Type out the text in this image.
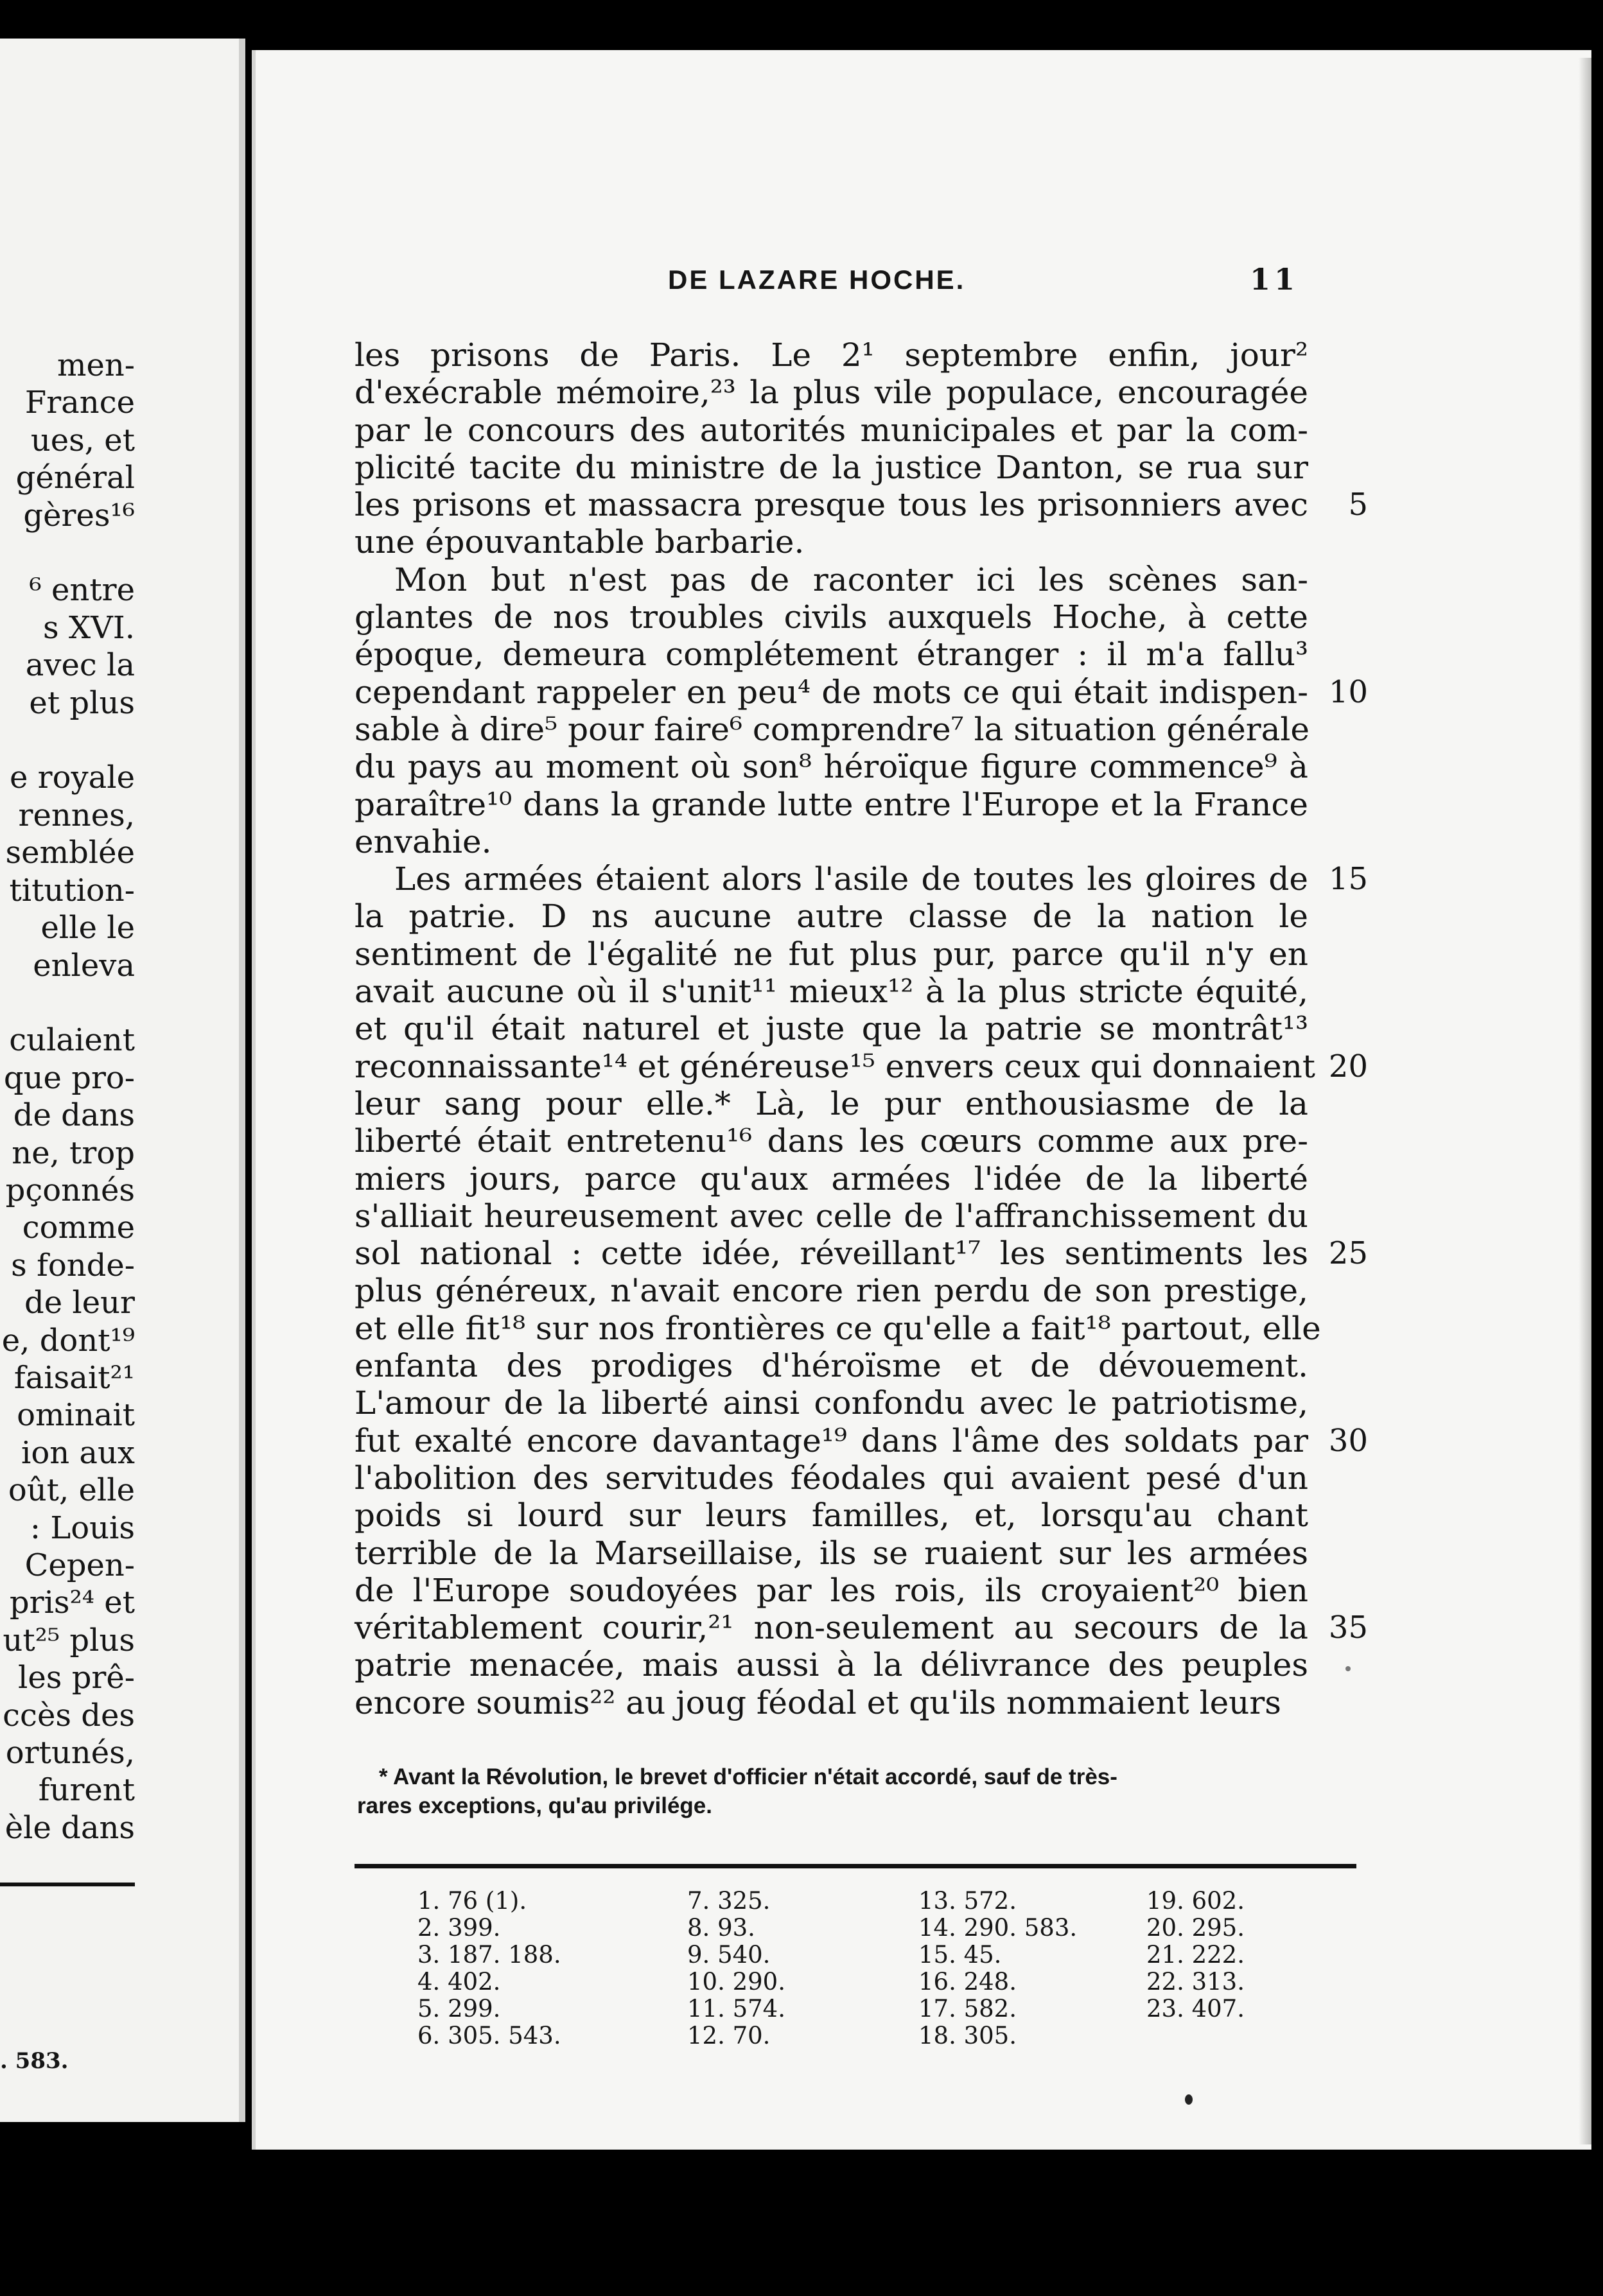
men-
France
ues, et
général
gères¹⁶

⁶ entre
s XVI.
avec la
et plus

e royale
rennes,
semblée
titution-
elle le
enleva

culaient
que pro-
de dans
ne, trop
pçonnés
comme
s fonde-
de leur
e, dont¹⁹
faisait²¹
ominait
ion aux
oût, elle
: Louis
Cepen-
pris²⁴ et
ut²⁵ plus
les prê-
ccès des
ortunés,
furent
èle dans
. 583.
DE LAZARE HOCHE.	11
les prisons de Paris. Le 2¹ septembre enfin, jour²
d'exécrable mémoire,²³ la plus vile populace, encouragée
par le concours des autorités municipales et par la com-
plicité tacite du ministre de la justice Danton, se rua sur
les prisons et massacra presque tous les prisonniers avec
une épouvantable barbarie.
Mon but n'est pas de raconter ici les scènes san-
glantes de nos troubles civils auxquels Hoche, à cette
époque, demeura complétement étranger : il m'a fallu³
cependant rappeler en peu⁴ de mots ce qui était indispen-
sable à dire⁵ pour faire⁶ comprendre⁷ la situation générale
du pays au moment où son⁸ héroïque figure commence⁹ à
paraître¹⁰ dans la grande lutte entre l'Europe et la France
envahie.
Les armées étaient alors l'asile de toutes les gloires de
la patrie. D ns aucune autre classe de la nation le
sentiment de l'égalité ne fut plus pur, parce qu'il n'y en
avait aucune où il s'unit¹¹ mieux¹² à la plus stricte équité,
et qu'il était naturel et juste que la patrie se montrât¹³
reconnaissante¹⁴ et généreuse¹⁵ envers ceux qui donnaient
leur sang pour elle.* Là, le pur enthousiasme de la
liberté était entretenu¹⁶ dans les cœurs comme aux pre-
miers jours, parce qu'aux armées l'idée de la liberté
s'alliait heureusement avec celle de l'affranchissement du
sol national : cette idée, réveillant¹⁷ les sentiments les
plus généreux, n'avait encore rien perdu de son prestige,
et elle fit¹⁸ sur nos frontières ce qu'elle a fait¹⁸ partout, elle
enfanta des prodiges d'héroïsme et de dévouement.
L'amour de la liberté ainsi confondu avec le patriotisme,
fut exalté encore davantage¹⁹ dans l'âme des soldats par
l'abolition des servitudes féodales qui avaient pesé d'un
poids si lourd sur leurs familles, et, lorsqu'au chant
terrible de la Marseillaise, ils se ruaient sur les armées
de l'Europe soudoyées par les rois, ils croyaient²⁰ bien
véritablement courir,²¹ non-seulement au secours de la
patrie menacée, mais aussi à la délivrance des peuples
encore soumis²² au joug féodal et qu'ils nommaient leurs
5
10
15
20
25
30
35
* Avant la Révolution, le brevet d'officier n'était accordé, sauf de très-
rares exceptions, qu'au privilége.
1. 76 (1).
2. 399.
3. 187. 188.
4. 402.
5. 299.
6. 305. 543.
7. 325.
8. 93.
9. 540.
10. 290.
11. 574.
12. 70.
13. 572.
14. 290. 583.
15. 45.
16. 248.
17. 582.
18. 305.
19. 602.
20. 295.
21. 222.
22. 313.
23. 407.
